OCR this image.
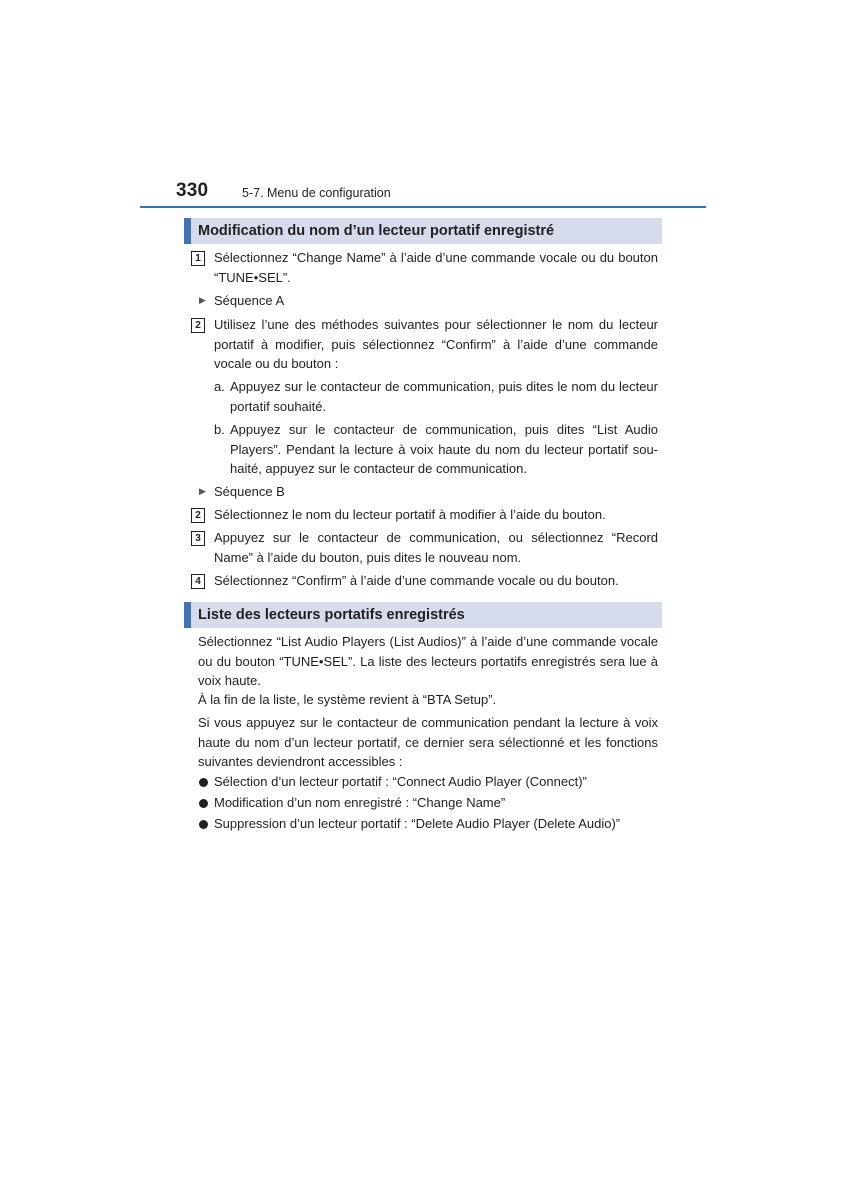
330	5-7. Menu de configuration
Modification du nom d’un lecteur portatif enregistré
1	Sélectionnez “Change Name” à l’aide d’une commande vocale ou du bouton “TUNE•SEL”.
▶ Séquence A
2	Utilisez l’une des méthodes suivantes pour sélectionner le nom du lecteur portatif à modifier, puis sélectionnez “Confirm” à l’aide d’une commande vocale ou du bouton :
a. Appuyez sur le contacteur de communication, puis dites le nom du lecteur portatif souhaité.
b. Appuyez sur le contacteur de communication, puis dites “List Audio Players”. Pendant la lecture à voix haute du nom du lecteur portatif sou-haité, appuyez sur le contacteur de communication.
▶ Séquence B
2	Sélectionnez le nom du lecteur portatif à modifier à l’aide du bouton.
3	Appuyez sur le contacteur de communication, ou sélectionnez “Record Name” à l’aide du bouton, puis dites le nouveau nom.
4	Sélectionnez “Confirm” à l’aide d’une commande vocale ou du bouton.
Liste des lecteurs portatifs enregistrés
Sélectionnez “List Audio Players (List Audios)” à l’aide d’une commande vocale ou du bouton “TUNE•SEL”. La liste des lecteurs portatifs enregistrés sera lue à voix haute.
À la fin de la liste, le système revient à “BTA Setup”.
Si vous appuyez sur le contacteur de communication pendant la lecture à voix haute du nom d’un lecteur portatif, ce dernier sera sélectionné et les fonctions suivantes deviendront accessibles :
Sélection d’un lecteur portatif : “Connect Audio Player (Connect)”
Modification d’un nom enregistré : “Change Name”
Suppression d’un lecteur portatif : “Delete Audio Player (Delete Audio)”
